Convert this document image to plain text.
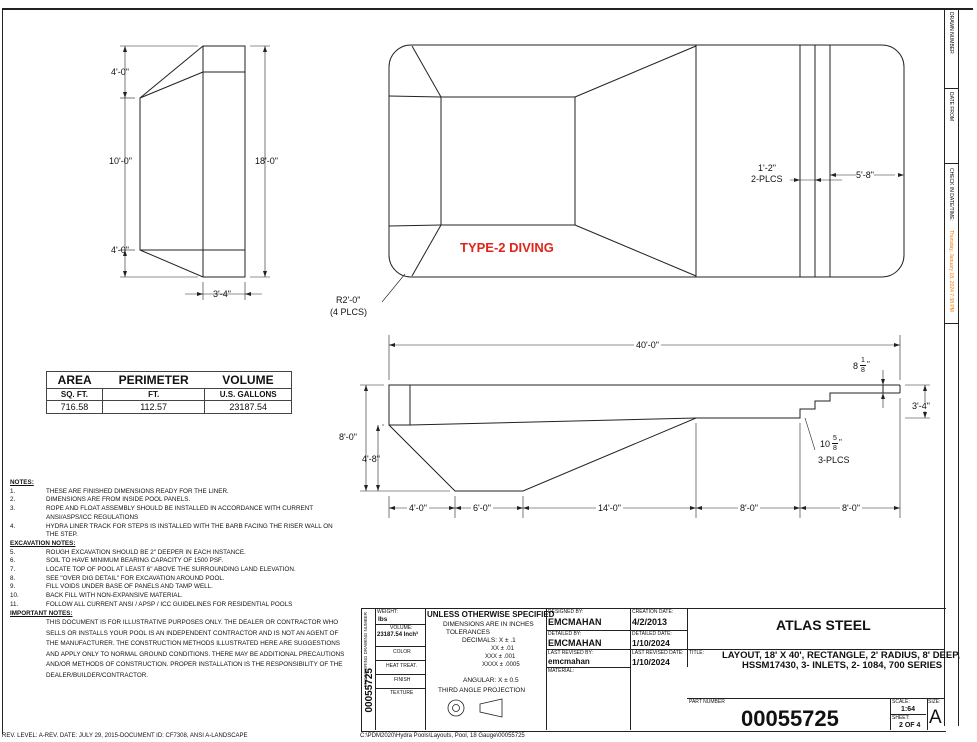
DRAWN NUMBER
DATE FROM
CHECK IN DATE/TIME:
Thursday, January 18, 2024 7:38 PM
4'-0"
10'-0"
4'-0"
18'-0"
3'-4"
TYPE-2 DIVING
1'-2"
2-PLCS	5'-8"
R2'-0"
(4 PLCS)
40'-0"
8
1
8
"
3'-4"
10
5
8
"
3-PLCS
8'-0"
4'-8"
4'-0"	6'-0"	14'-0"	8'-0"	8'-0"
AREA	PERIMETER	VOLUME
SQ. FT.	FT.	U.S. GALLONS
716.58	112.57	23187.54
NOTES:
1.	THESE ARE FINISHED DIMENSIONS READY FOR THE LINER.
2.	DIMENSIONS ARE FROM INSIDE POOL PANELS.
3.	ROPE AND FLOAT ASSEMBLY SHOULD BE INSTALLED IN ACCORDANCE WITH CURRENT ANSI/ASPS/ICC REGULATIONS
4.	HYDRA LINER TRACK FOR STEPS IS INSTALLED WITH THE BARB FACING THE RISER WALL ON THE STEP.
EXCAVATION NOTES:
5.	ROUGH EXCAVATION SHOULD BE 2" DEEPER IN EACH INSTANCE.
6.	SOIL TO HAVE MINIMUM BEARING CAPACITY OF 1500 PSF.
7.	LOCATE TOP OF POOL AT LEAST 6" ABOVE THE SURROUNDING LAND ELEVATION.
8.	SEE "OVER DIG DETAIL" FOR EXCAVATION AROUND POOL.
9.	FILL VOIDS UNDER BASE OF PANELS AND TAMP WELL.
10.	BACK FILL WITH NON-EXPANSIVE MATERIAL.
11.	FOLLOW ALL CURRENT ANSI / APSP / ICC GUIDELINES FOR RESIDENTIAL POOLS
IMPORTANT NOTES:
THIS DOCUMENT IS FOR ILLUSTRATIVE PURPOSES ONLY. THE DEALER OR CONTRACTOR WHO SELLS OR INSTALLS YOUR POOL IS AN INDEPENDENT CONTRACTOR AND IS NOT AN AGENT OF THE MANUFACTURER. THE CONSTRUCTION METHODS ILLUSTRATED HERE ARE SUGGESTIONS AND APPLY ONLY TO NORMAL GROUND CONDITIONS. THERE MAY BE ADDITIONAL PRECAUTIONS AND/OR METHODS OF CONSTRUCTION. PROPER INSTALLATION IS THE RESPONSIBILITY OF THE DEALER/BUILDER/CONTRACTOR.	ENGINEERING DRAWING NUMBER
00055725
WEIGHT:
lbs
VOLUME:
23187.54 Inch³
COLOR
HEAT TREAT.
FINISH
TEXTURE
UNLESS OTHERWISE SPECIFIED
DIMENSIONS ARE IN INCHES
TOLERANCES
DECIMALS: X ± .1
XX ± .01
XXX ± .001
XXXX ± .0005
ANGULAR: X ± 0.5
THIRD ANGLE PROJECTION
DESIGNED BY:
EMCMAHAN
DETAILED BY:
EMCMAHAN
LAST REVISED BY:
emcmahan
MATERIAL:
CREATION DATE:
4/2/2013
DETAILED DATE:
1/10/2024
LAST REVISED DATE:
1/10/2024
ATLAS STEEL
TITLE: LAYOUT, 18' X 40', RECTANGLE, 2' RADIUS, 8' DEEP,
HSSM17430, 3- INLETS, 2- 1084, 700 SERIES
PART NUMBER
00055725
SCALE:
1:64
SHEET:
2 OF 4
SIZE:
A
REV. LEVEL: A-REV. DATE: JULY 29, 2015-DOCUMENT ID: CF7308, ANSI A-LANDSCAPE	C:\PDM2020\Hydra Pools\Layouts, Pool, 18 Gauge\00055725
